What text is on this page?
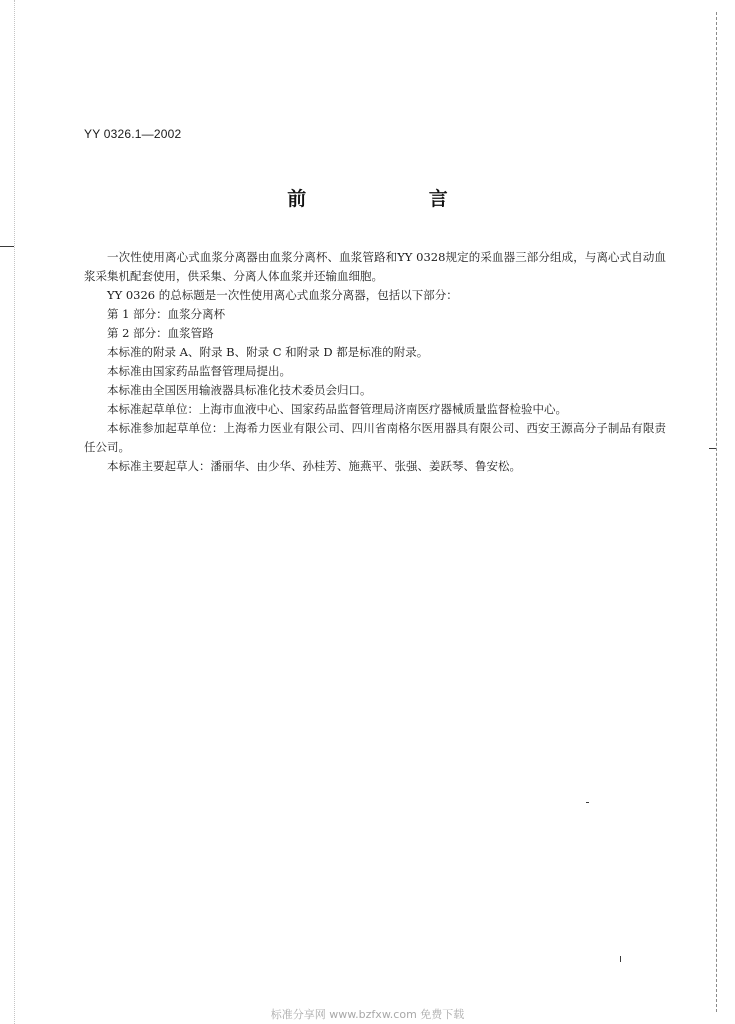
YY 0326.1—2002
前 言

一次性使用离心式血浆分离器由血浆分离杯、血浆管路和YY 0328规定的采血器三部分组成，与离心式自动血浆采集机配套使用，供采集、分离人体血浆并还输血细胞。

YY 0326 的总标题是一次性使用离心式血浆分离器，包括以下部分：

第 1 部分：血浆分离杯

第 2 部分：血浆管路

本标准的附录 A、附录 B、附录 C 和附录 D 都是标准的附录。

本标准由国家药品监督管理局提出。

本标准由全国医用输液器具标准化技术委员会归口。

本标准起草单位：上海市血液中心、国家药品监督管理局济南医疗器械质量监督检验中心。

本标准参加起草单位：上海希力医业有限公司、四川省南格尔医用器具有限公司、西安王源高分子制品有限责任公司。

本标准主要起草人：潘丽华、由少华、孙桂芳、施燕平、张强、姜跃琴、鲁安松。

标准分享网 www.bzfxw.com 免费下载
